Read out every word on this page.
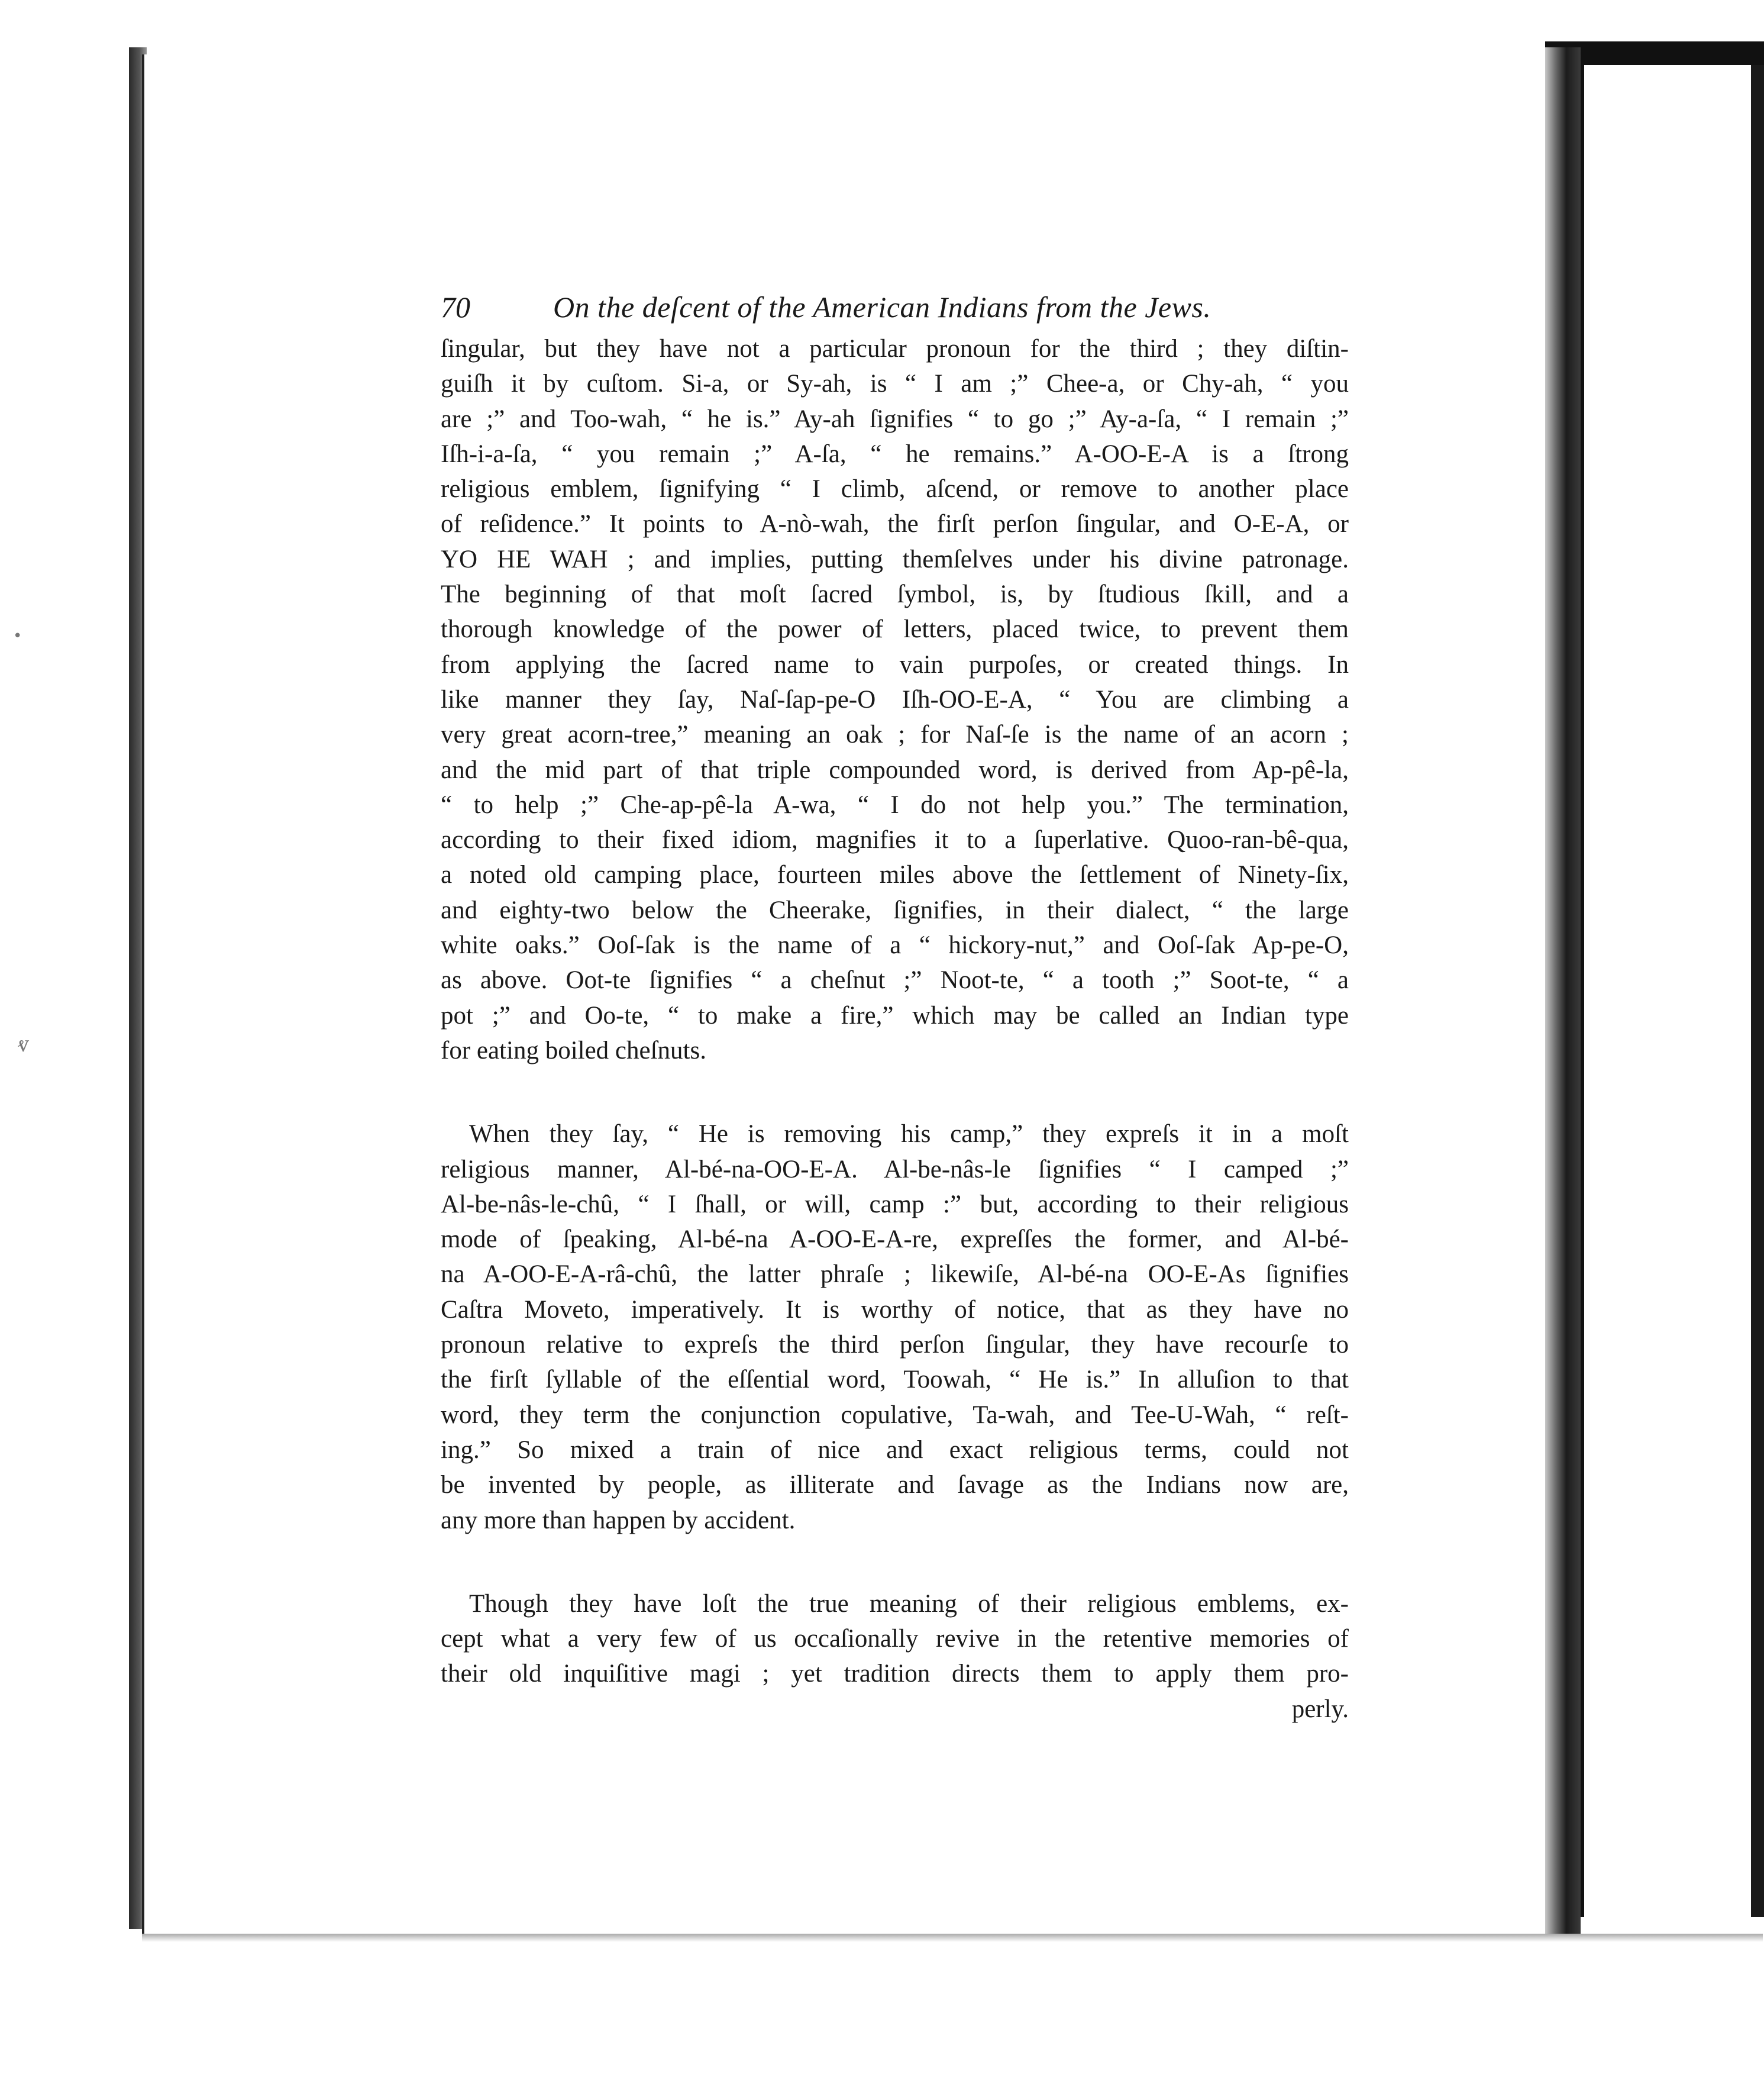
ⱴ
•
70	On the deſcent of the American Indians from the Jews.
ſingular, but they have not a particular pronoun for the third ; they diſtin-
guiſh it by cuſtom. Si-a, or Sy-ah, is “ I am ;” Chee-a, or Chy-ah, “ you
are ;” and Too-wah, “ he is.” Ay-ah ſignifies “ to go ;” Ay-a-ſa, “ I remain ;”
Iſh-i-a-ſa, “ you remain ;” A-ſa, “ he remains.” A-OO-E-A is a ſtrong
religious emblem, ſignifying “ I climb, aſcend, or remove to another place
of reſidence.” It points to A-nò-wah, the firſt perſon ſingular, and O-E-A, or
YO HE WAH ; and implies, putting themſelves under his divine patronage.
The beginning of that moſt ſacred ſymbol, is, by ſtudious ſkill, and a
thorough knowledge of the power of letters, placed twice, to prevent them
from applying the ſacred name to vain purpoſes, or created things. In
like manner they ſay, Naſ-ſap-pe-O Iſh-OO-E-A, “ You are climbing a
very great acorn-tree,” meaning an oak ; for Naſ-ſe is the name of an acorn ;
and the mid part of that triple compounded word, is derived from Ap-pê-la,
“ to help ;” Che-ap-pê-la A-wa, “ I do not help you.” The termination,
according to their fixed idiom, magnifies it to a ſuperlative. Quoo-ran-bê-qua,
a noted old camping place, fourteen miles above the ſettlement of Ninety-ſix,
and eighty-two below the Cheerake, ſignifies, in their dialect, “ the large
white oaks.” Ooſ-ſak is the name of a “ hickory-nut,” and Ooſ-ſak Ap-pe-O,
as above. Oot-te ſignifies “ a cheſnut ;” Noot-te, “ a tooth ;” Soot-te, “ a
pot ;” and Oo-te, “ to make a fire,” which may be called an Indian type
for eating boiled cheſnuts.
When they ſay, “ He is removing his camp,” they expreſs it in a moſt
religious manner, Al-bé-na-OO-E-A. Al-be-nâs-le ſignifies “ I camped ;”
Al-be-nâs-le-chû, “ I ſhall, or will, camp :” but, according to their religious
mode of ſpeaking, Al-bé-na A-OO-E-A-re, expreſſes the former, and Al-bé-
na A-OO-E-A-râ-chû, the latter phraſe ; likewiſe, Al-bé-na OO-E-As ſignifies
Caſtra Moveto, imperatively. It is worthy of notice, that as they have no
pronoun relative to expreſs the third perſon ſingular, they have recourſe to
the firſt ſyllable of the eſſential word, Toowah, “ He is.” In alluſion to that
word, they term the conjunction copulative, Ta-wah, and Tee-U-Wah, “ reſt-
ing.” So mixed a train of nice and exact religious terms, could not
be invented by people, as illiterate and ſavage as the Indians now are,
any more than happen by accident.
Though they have loſt the true meaning of their religious emblems, ex-
cept what a very few of us occaſionally revive in the retentive memories of
their old inquiſitive magi ; yet tradition directs them to apply them pro-
perly.
